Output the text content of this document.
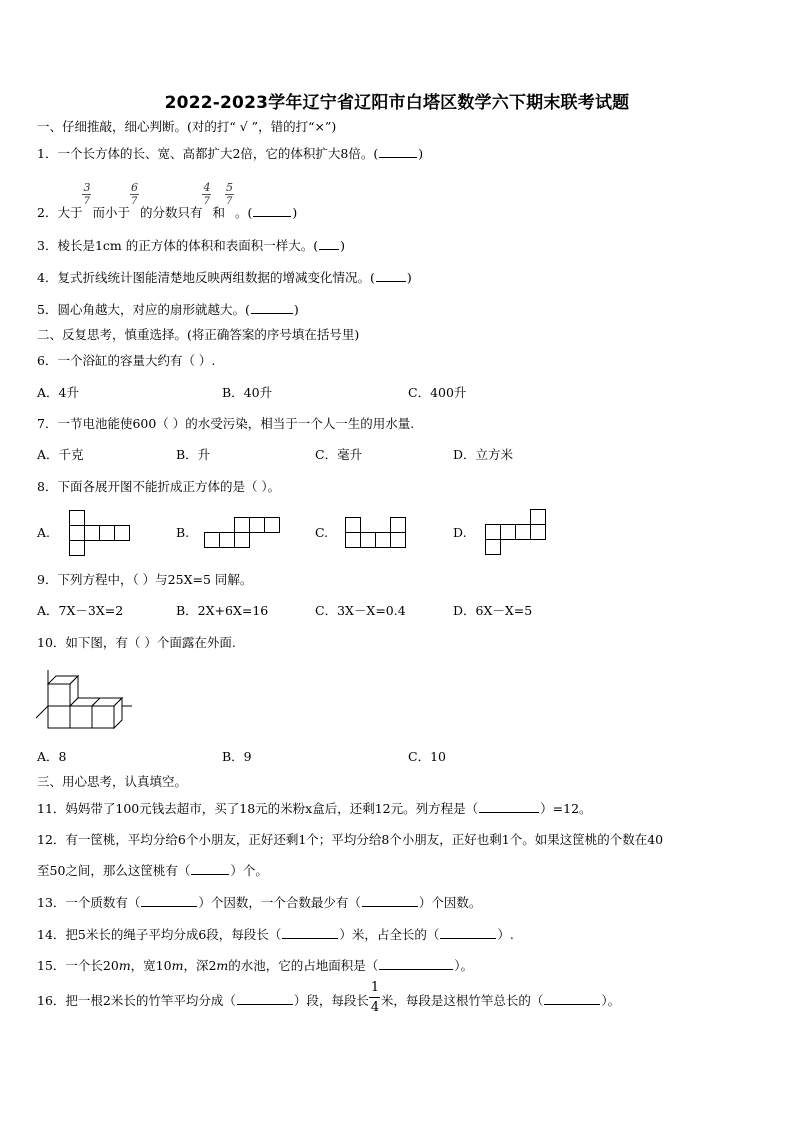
2022-2023学年辽宁省辽阳市白塔区数学六下期末联考试题
一、仔细推敲，细心判断。(对的打“ √ ”，错的打“×”)
1．一个长方体的长、宽、高都扩大2倍，它的体积扩大8倍。(	)
2．大于 $\frac{3}{7}$ 而小于 $\frac{6}{7}$ 的分数只有 $\frac{4}{7}$ 和 $\frac{5}{7}$ 。(	)
3．棱长是1cm 的正方体的体积和表面积一样大。( )
4．复式折线统计图能清楚地反映两组数据的增减变化情况。(	)
5．圆心角越大，对应的扇形就越大。(	)
二、反复思考，慎重选择。(将正确答案的序号填在括号里)
6．一个浴缸的容量大约有（ ）.
A．4升	B．40升	C．400升
7．一节电池能使600（ ）的水受污染，相当于一个人一生的用水量.
A．千克	B．升	C．毫升	D．立方米
8．下面各展开图不能折成正方体的是（ ）。
A.	B.	C.	D.
9．下列方程中，（ ）与25X=5 同解。
A．7X－3X=2	B．2X+6X=16	C．3X－X=0.4	D．6X－X=5
10．如下图，有（ ）个面露在外面.
A．8	B．9	C．10
三、用心思考，认真填空。
11．妈妈带了100元钱去超市，买了18元的米粉x盒后，还剩12元。列方程是（	）=12。
12．有一筐桃，平均分给6个小朋友，正好还剩1个；平均分给8个小朋友，正好也剩1个。如果这筐桃的个数在40
至50之间，那么这筐桃有（	）个。
13．一个质数有（	）个因数，一个合数最少有（	）个因数。
14．把5米长的绳子平均分成6段，每段长（	）米，占全长的（	）.
15．一个长20m，宽10m，深2m的水池，它的占地面积是（	）。
16．把一根2米长的竹竿平均分成（	）段，每段长 $\frac{1}{4}$ 米，每段是这根竹竿总长的（	）。
